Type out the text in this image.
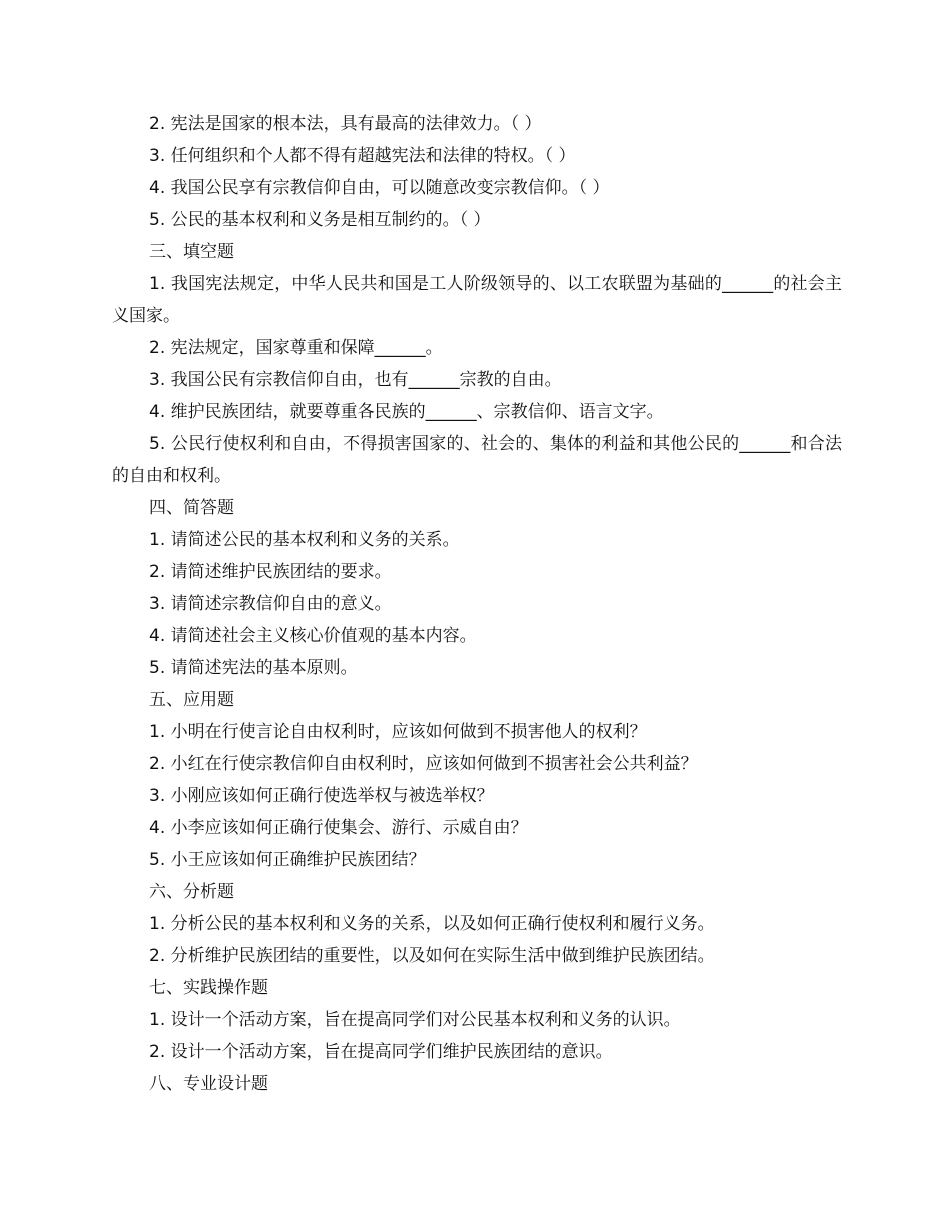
2. 宪法是国家的根本法，具有最高的法律效力。（ ）
3. 任何组织和个人都不得有超越宪法和法律的特权。（ ）
4. 我国公民享有宗教信仰自由，可以随意改变宗教信仰。（ ）
5. 公民的基本权利和义务是相互制约的。（ ）
三、填空题
1. 我国宪法规定，中华人民共和国是工人阶级领导的、以工农联盟为基础的______的社会主义国家。
2. 宪法规定，国家尊重和保障______。
3. 我国公民有宗教信仰自由，也有______宗教的自由。
4. 维护民族团结，就要尊重各民族的______、宗教信仰、语言文字。
5. 公民行使权利和自由，不得损害国家的、社会的、集体的利益和其他公民的______和合法的自由和权利。
四、简答题
1. 请简述公民的基本权利和义务的关系。
2. 请简述维护民族团结的要求。
3. 请简述宗教信仰自由的意义。
4. 请简述社会主义核心价值观的基本内容。
5. 请简述宪法的基本原则。
五、应用题
1. 小明在行使言论自由权利时，应该如何做到不损害他人的权利？
2. 小红在行使宗教信仰自由权利时，应该如何做到不损害社会公共利益？
3. 小刚应该如何正确行使选举权与被选举权？
4. 小李应该如何正确行使集会、游行、示威自由？
5. 小王应该如何正确维护民族团结？
六、分析题
1. 分析公民的基本权利和义务的关系，以及如何正确行使权利和履行义务。
2. 分析维护民族团结的重要性，以及如何在实际生活中做到维护民族团结。
七、实践操作题
1. 设计一个活动方案，旨在提高同学们对公民基本权利和义务的认识。
2. 设计一个活动方案，旨在提高同学们维护民族团结的意识。
八、专业设计题
